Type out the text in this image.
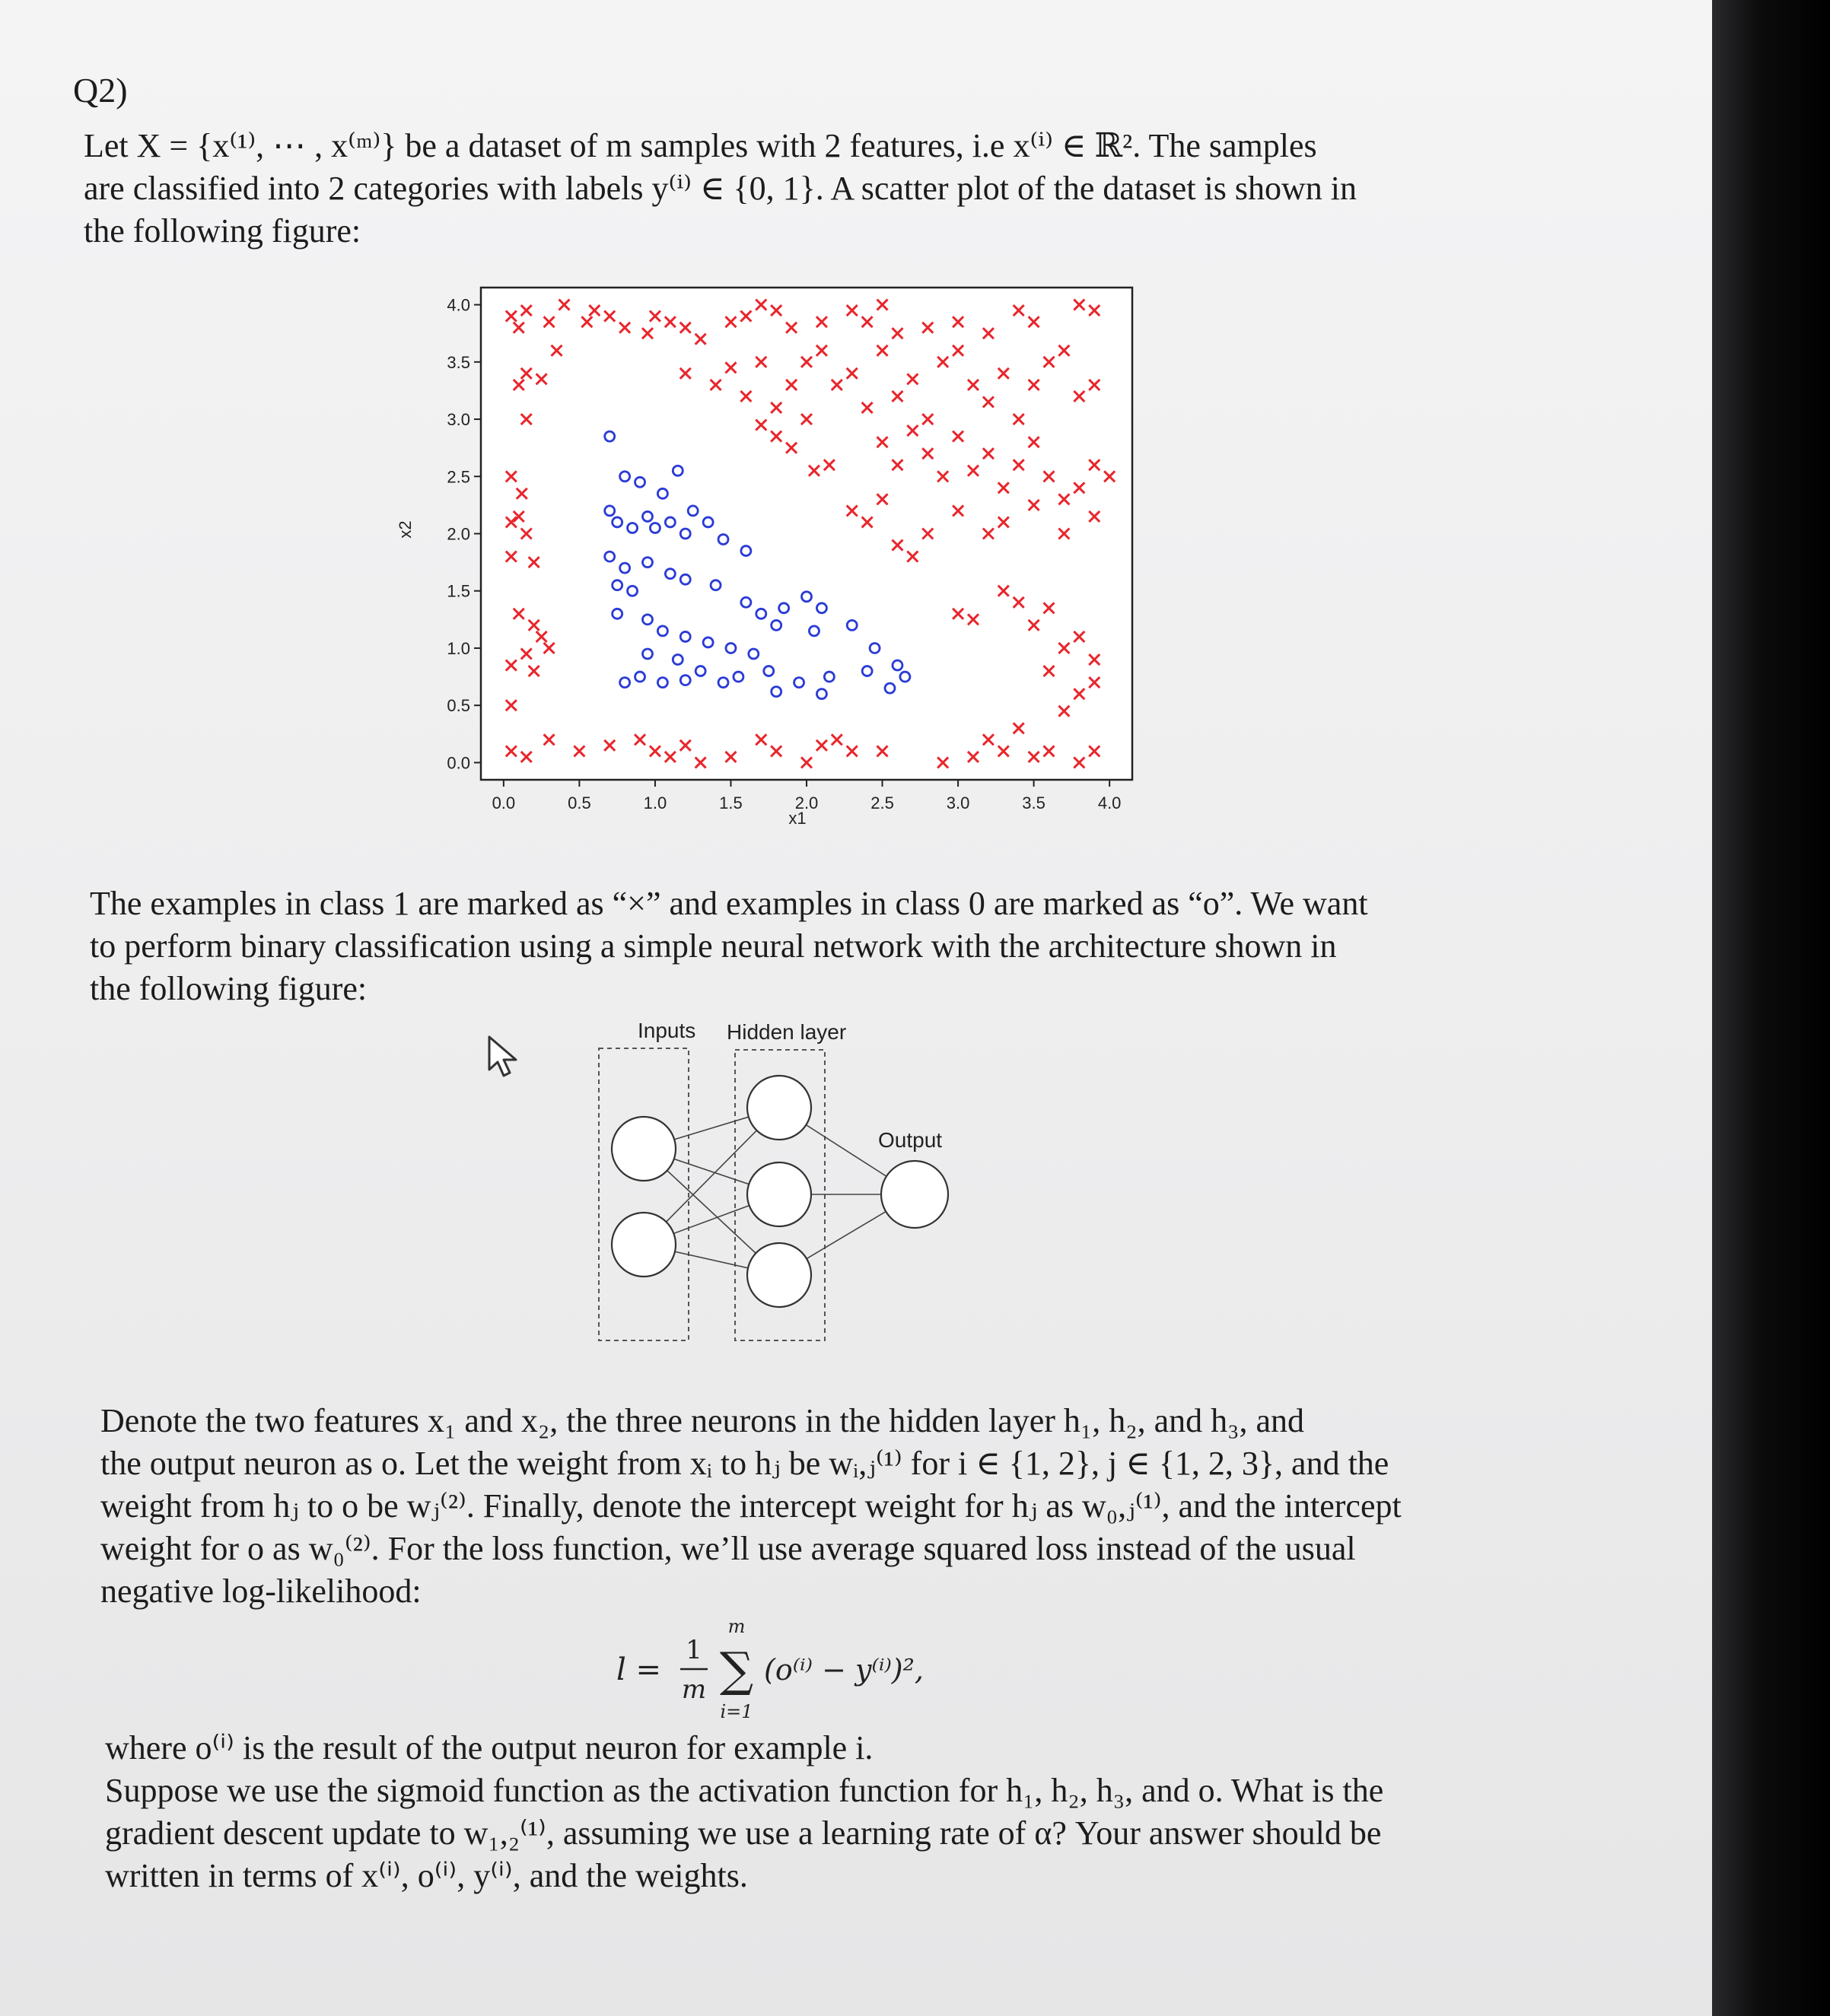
Q2)

Let X = {x⁽¹⁾, ⋯ , x⁽ᵐ⁾} be a dataset of m samples with 2 features, i.e x⁽ⁱ⁾ ∈ ℝ². The samples
are classified into 2 categories with labels y⁽ⁱ⁾ ∈ {0, 1}. A scatter plot of the dataset is shown in
the following figure:

0.0	0.5	1.0	1.5	2.0	2.5	3.0	3.5	4.0
0.0
0.5
1.0
1.5
2.0
2.5
3.0
3.5
4.0
x1
x2

The examples in class 1 are marked as “×” and examples in class 0 are marked as “o”. We want
to perform binary classification using a simple neural network with the architecture shown in
the following figure:

Inputs Hidden layer
Output

Denote the two features x₁ and x₂, the three neurons in the hidden layer h₁, h₂, and h₃, and
the output neuron as o. Let the weight from xᵢ to hⱼ be wᵢ,ⱼ⁽¹⁾ for i ∈ {1, 2}, j ∈ {1, 2, 3}, and the
weight from hⱼ to o be wⱼ⁽²⁾. Finally, denote the intercept weight for hⱼ as w₀,ⱼ⁽¹⁾, and the intercept
weight for o as w₀⁽²⁾. For the loss function, we’ll use average squared loss instead of the usual
negative log-likelihood:

l =
1
m
m
∑
i=1
(o⁽ⁱ⁾ − y⁽ⁱ⁾)²,

where o⁽ⁱ⁾ is the result of the output neuron for example i.
Suppose we use the sigmoid function as the activation function for h₁, h₂, h₃, and o. What is the
gradient descent update to w₁,₂⁽¹⁾, assuming we use a learning rate of α? Your answer should be
written in terms of x⁽ⁱ⁾, o⁽ⁱ⁾, y⁽ⁱ⁾, and the weights.
